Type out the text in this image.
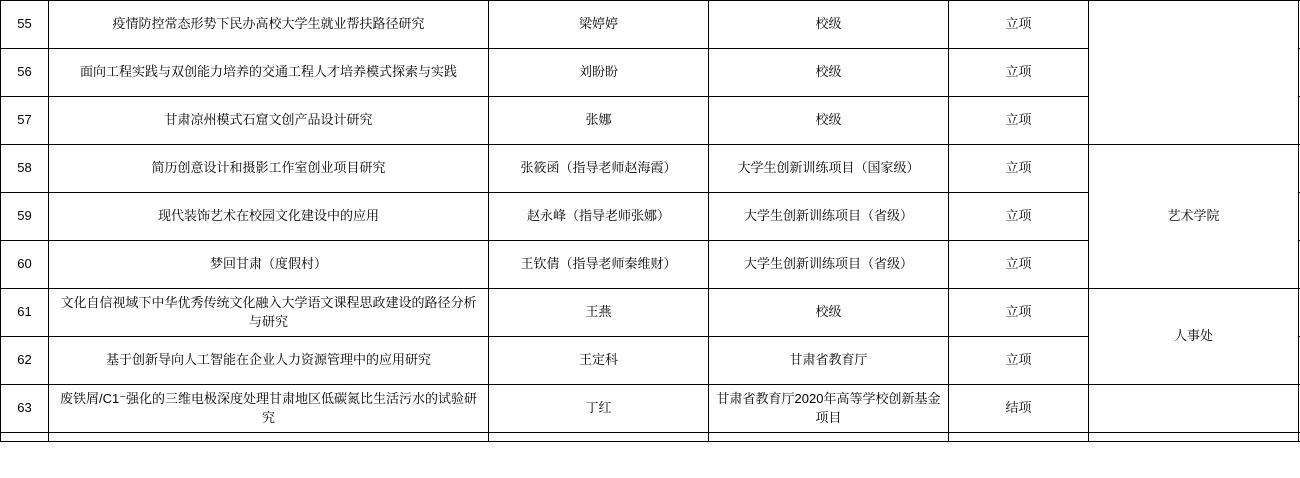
55	疫情防控常态形势下民办高校大学生就业帮扶路径研究	梁婷婷	校级	立项		
56	面向工程实践与双创能力培养的交通工程人才培养模式探索与实践	刘盼盼	校级	立项		
57	甘肃凉州模式石窟文创产品设计研究	张娜	校级	立项		
58	简历创意设计和摄影工作室创业项目研究	张筱函（指导老师赵海霞）	大学生创新训练项目（国家级）	立项	艺术学院	
59	现代装饰艺术在校园文化建设中的应用	赵永峰（指导老师张娜）	大学生创新训练项目（省级）	立项		
60	梦回甘肃（度假村）	王钦倩（指导老师秦维财）	大学生创新训练项目（省级）	立项		
61	文化自信视域下中华优秀传统文化融入大学语文课程思政建设的路径分析与研究	王燕	校级	立项	人事处	
62	基于创新导向人工智能在企业人力资源管理中的应用研究	王定科	甘肃省教育厅	立项		
63	废铁屑/C1⁻强化的三维电极深度处理甘肃地区低碳氮比生活污水的试验研究	丁红	甘肃省教育厅2020年高等学校创新基金项目	结项		
